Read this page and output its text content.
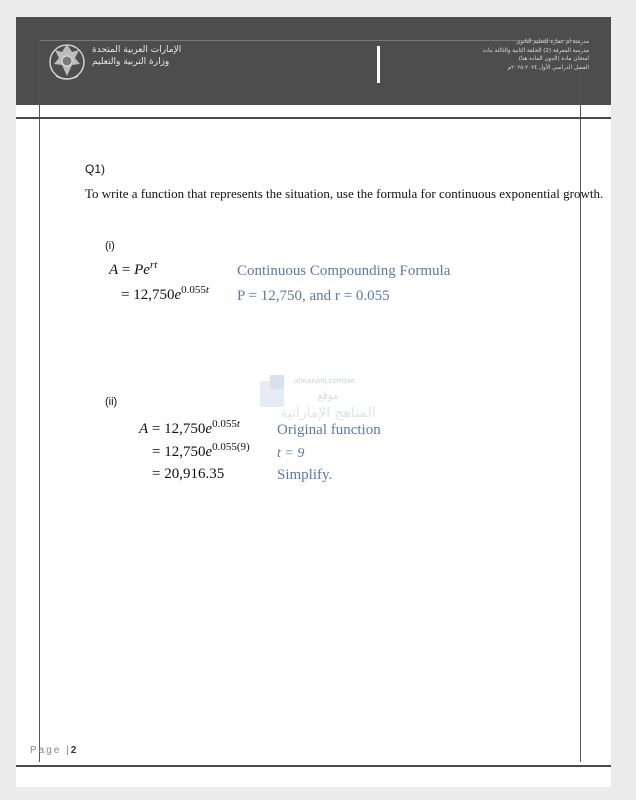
الإمارات العربية المتحدة
وزارة التربية والتعليم
مدرسة أم عمارة للتعليم الثانوي
مدرسة المعرفة (2) الحلقة الثانية والثالثة بنات
امتحان مادة (الدون المادة هنا)
الفصل الدراسي الأول ٢٠٢٤-٢٠٢٥م
Q1)
To write a function that represents the situation, use the formula for continuous exponential growth.
(i)
$A = Pe^{rt}$	Continuous Compounding Formula
= $12,750e^{0.055t}$ P = 12,750, and r = 0.055
(ii)
almanahj.com/ae
موقع
المناهج الإماراتية
$A = 12,750e^{0.055t}$ Original function
= $12,750e^{0.055(9)}$ t = 9
= 20,916.35	Simplify.
Page |2
